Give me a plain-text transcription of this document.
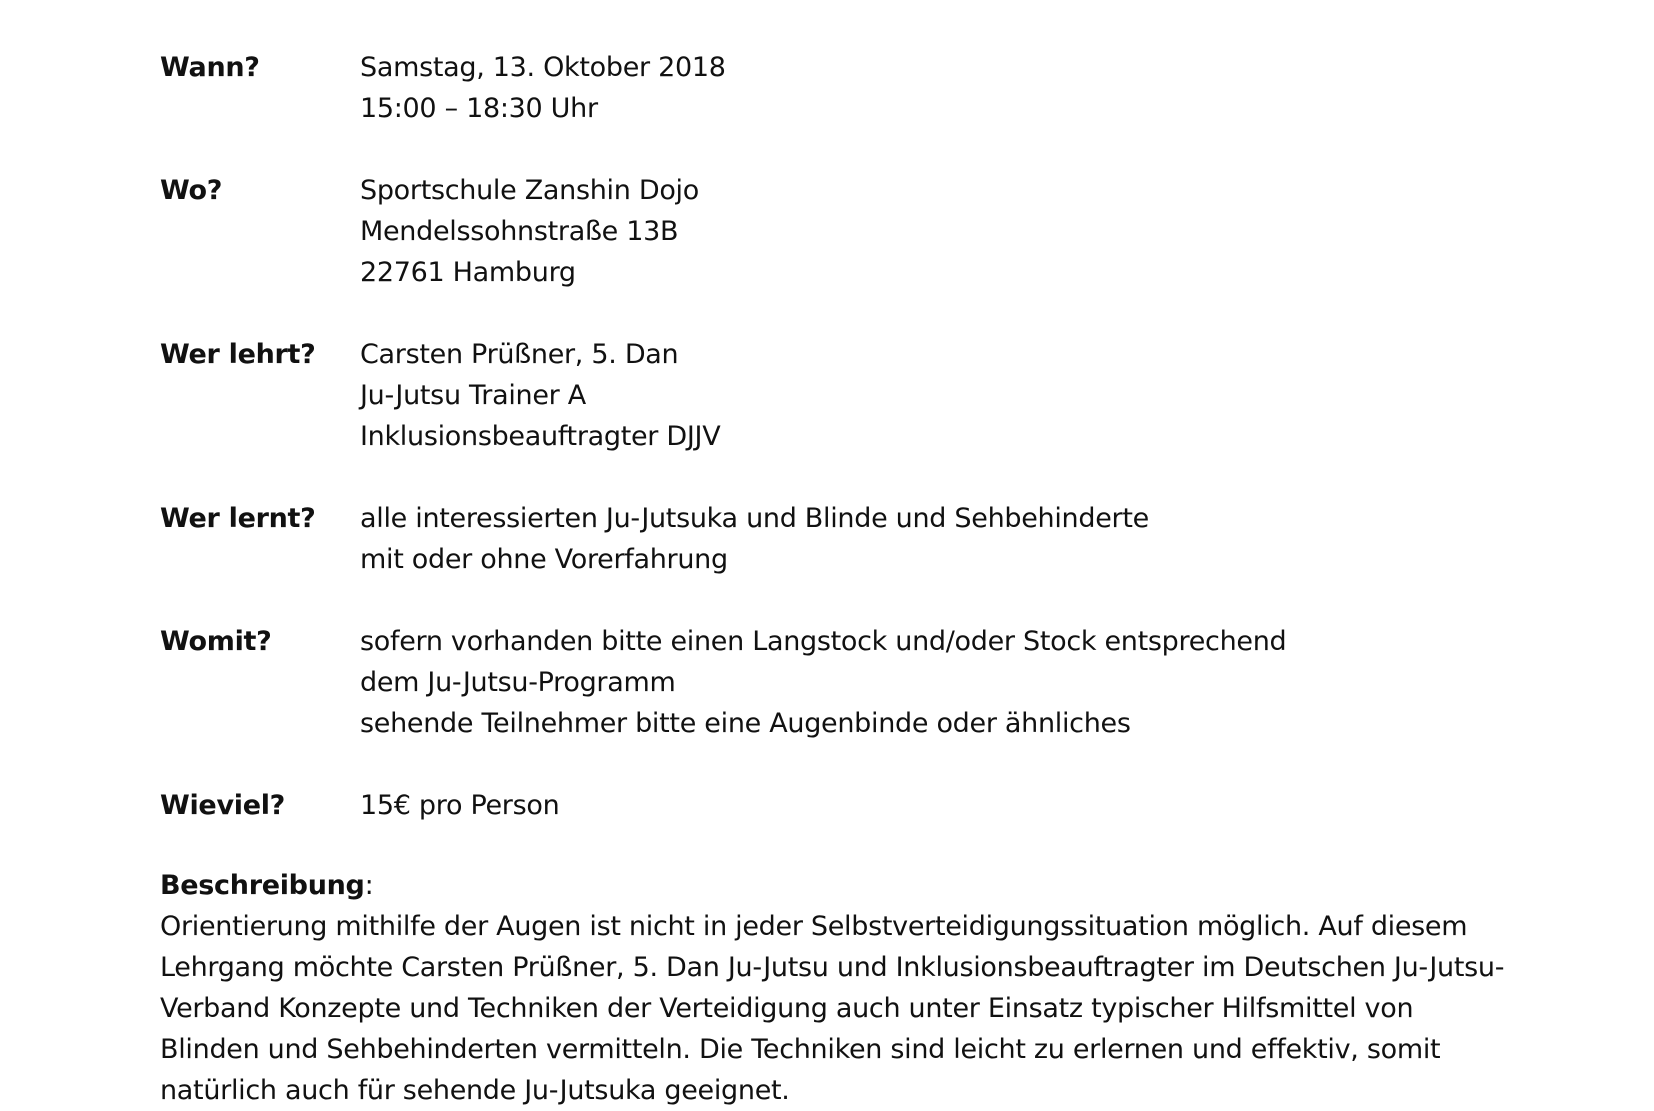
Wann?	Samstag, 13. Oktober 2018
15:00 – 18:30 Uhr
Wo?	Sportschule Zanshin Dojo
Mendelssohnstraße 13B
22761 Hamburg
Wer lehrt?	Carsten Prüßner, 5. Dan
Ju-Jutsu Trainer A
Inklusionsbeauftragter DJJV
Wer lernt?	alle interessierten Ju-Jutsuka und Blinde und Sehbehinderte
mit oder ohne Vorerfahrung
Womit?	sofern vorhanden bitte einen Langstock und/oder Stock entsprechend
dem Ju-Jutsu-Programm
sehende Teilnehmer bitte eine Augenbinde oder ähnliches
Wieviel?	15€ pro Person
Beschreibung:
Orientierung mithilfe der Augen ist nicht in jeder Selbstverteidigungssituation möglich. Auf diesem
Lehrgang möchte Carsten Prüßner, 5. Dan Ju-Jutsu und Inklusionsbeauftragter im Deutschen Ju-Jutsu-
Verband Konzepte und Techniken der Verteidigung auch unter Einsatz typischer Hilfsmittel von
Blinden und Sehbehinderten vermitteln. Die Techniken sind leicht zu erlernen und effektiv, somit
natürlich auch für sehende Ju-Jutsuka geeignet.
